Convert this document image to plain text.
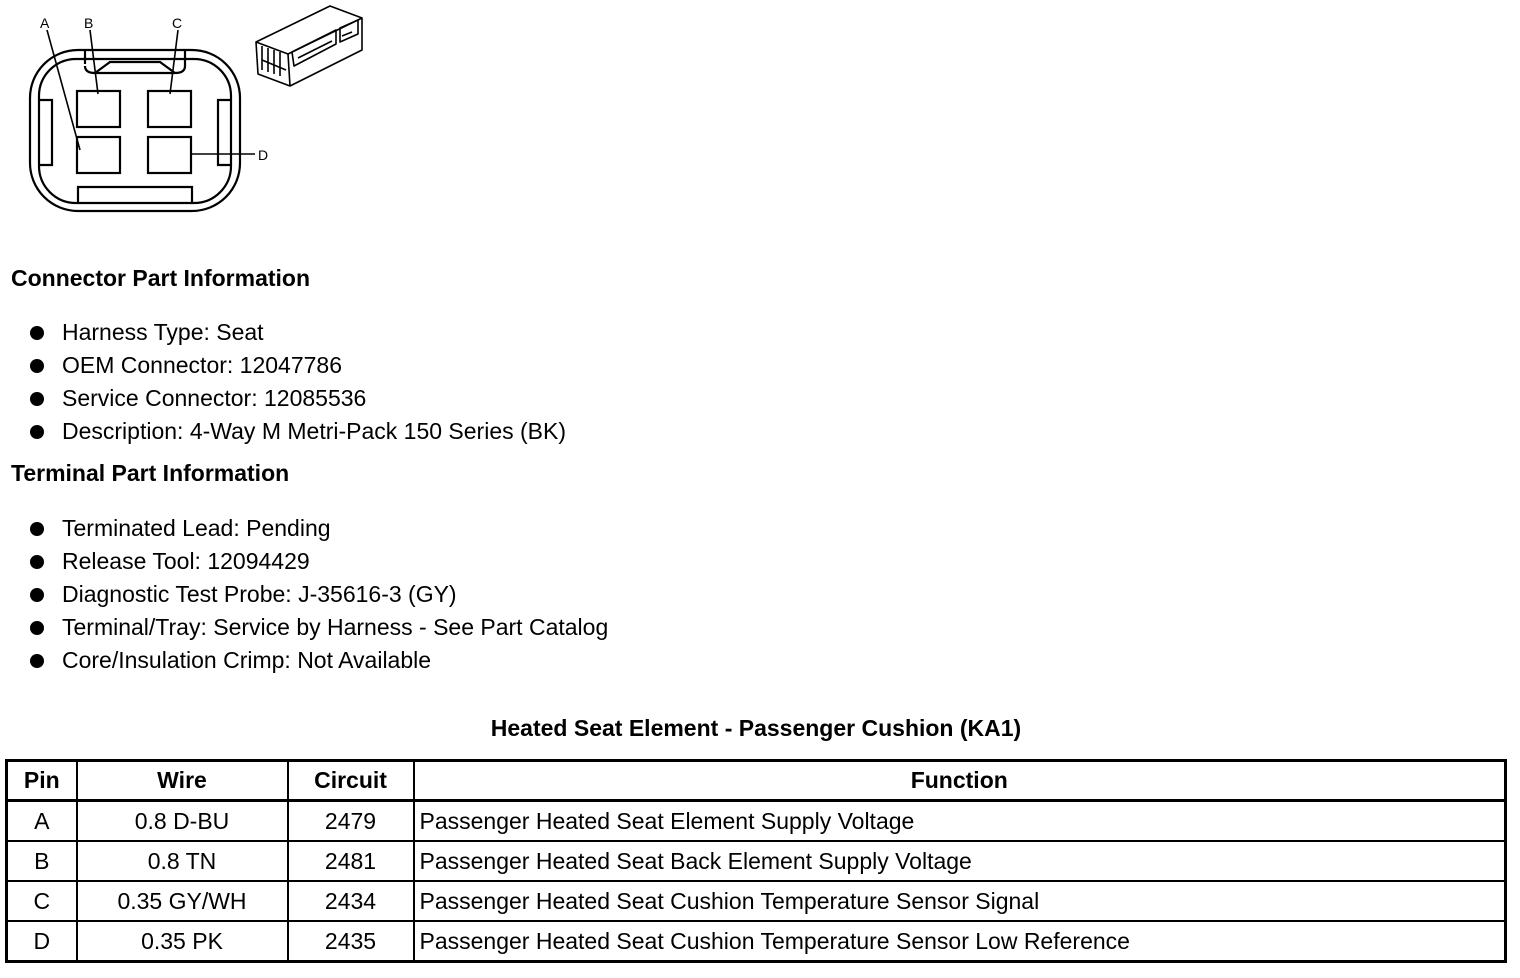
A B	C
D
Connector Part Information
Harness Type: Seat
OEM Connector: 12047786
Service Connector: 12085536
Description: 4-Way M Metri-Pack 150 Series (BK)
Terminal Part Information
Terminated Lead: Pending
Release Tool: 12094429
Diagnostic Test Probe: J-35616-3 (GY)
Terminal/Tray: Service by Harness - See Part Catalog
Core/Insulation Crimp: Not Available
Heated Seat Element - Passenger Cushion (KA1)
Pin	Wire	Circuit	Function
A	0.8 D-BU	2479	Passenger Heated Seat Element Supply Voltage
B	0.8 TN	2481	Passenger Heated Seat Back Element Supply Voltage
C	0.35 GY/WH	2434	Passenger Heated Seat Cushion Temperature Sensor Signal
D	0.35 PK	2435	Passenger Heated Seat Cushion Temperature Sensor Low Reference
